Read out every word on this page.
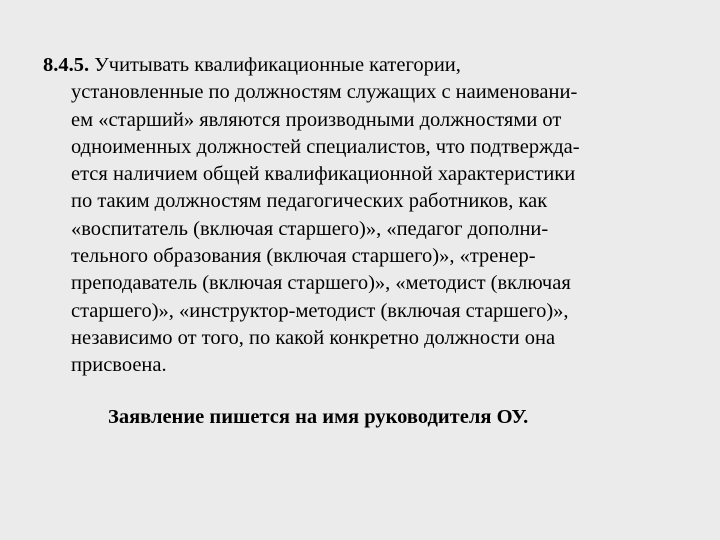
8.4.5. Учитывать квалификационные категории,
установленные по должностям служащих с наименовани-
ем «старший» являются производными должностями от
одноименных должностей специалистов, что подтвержда-
ется наличием общей квалификационной характеристики
по таким должностям педагогических работников, как
«воспитатель (включая старшего)», «педагог дополни-
тельного образования (включая старшего)», «тренер-
преподаватель (включая старшего)», «методист (включая
старшего)», «инструктор-методист (включая старшего)»,
независимо от того, по какой конкретно должности она
присвоена.
Заявление пишется на имя руководителя ОУ.
